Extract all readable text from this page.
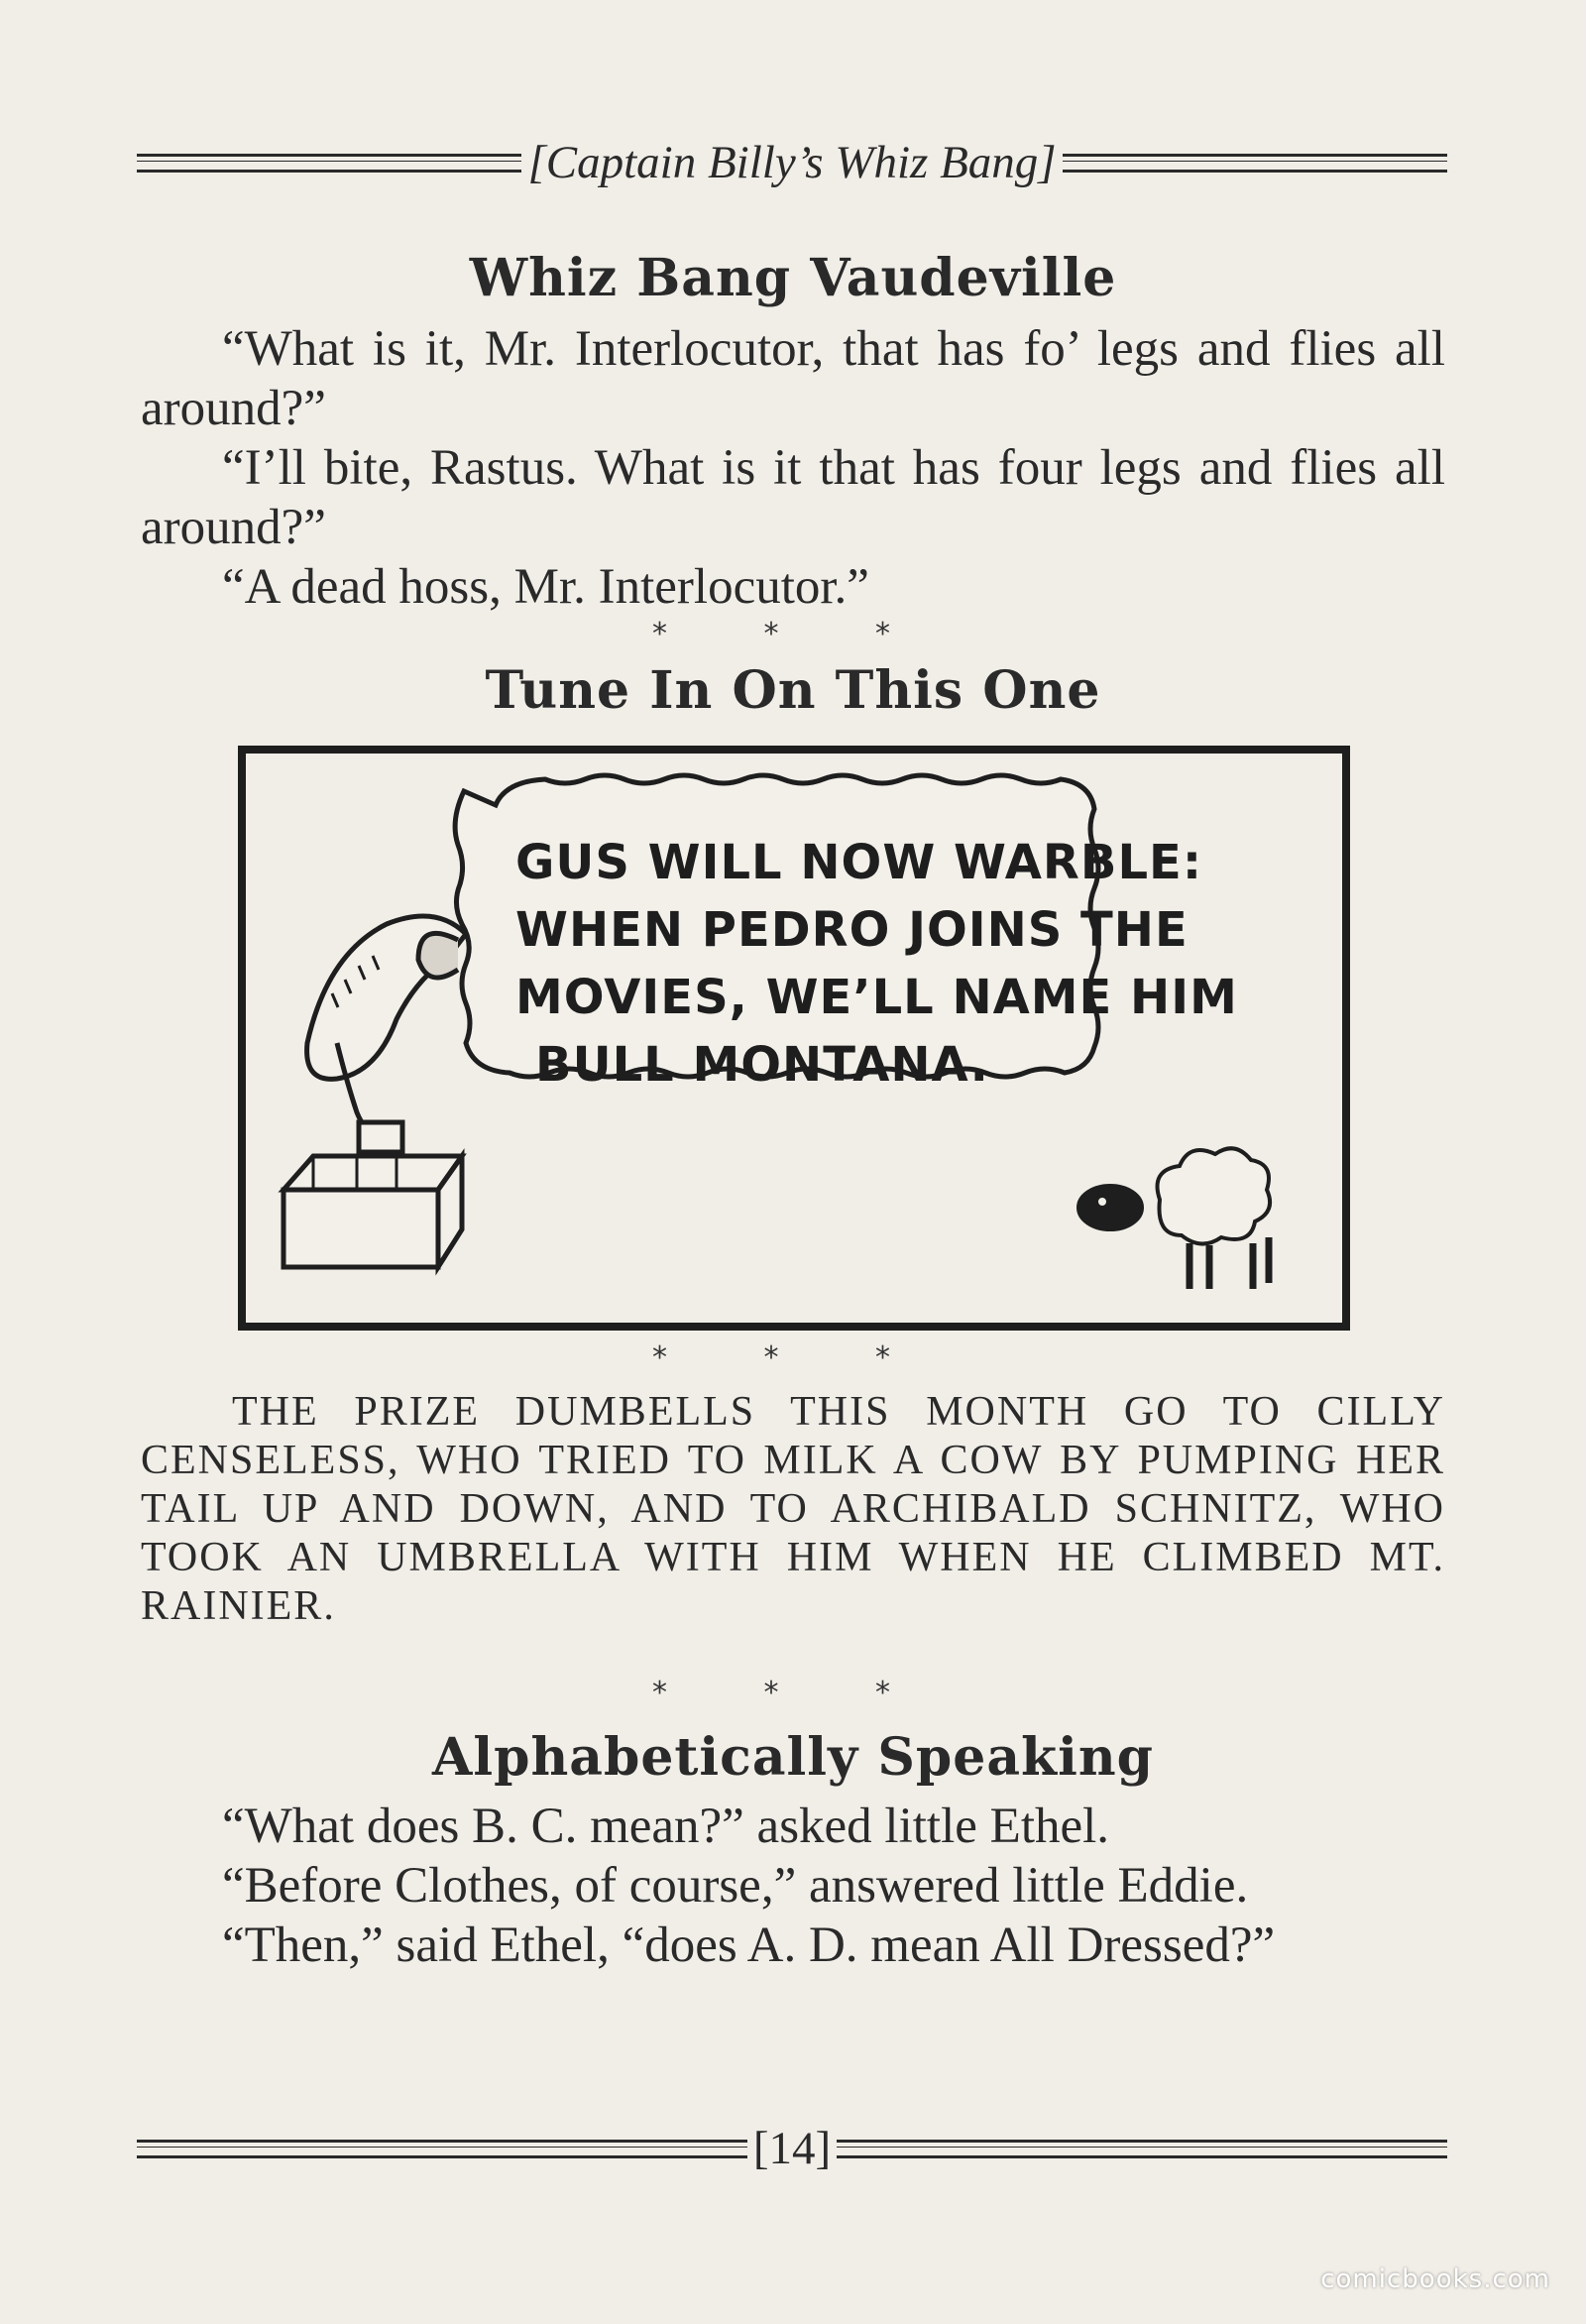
[Captain Billy’s Whiz Bang]
Whiz Bang Vaudeville

“What is it, Mr. Interlocutor, that has fo’ legs and flies all around?”

“I’ll bite, Rastus. What is it that has four legs and flies all around?”

“A dead hoss, Mr. Interlocutor.”

* * *
Tune In On This One
GUS WILL NOW WARBLE:
WHEN PEDRO JOINS THE
MOVIES, WE’LL NAME HIM
BULL MONTANA.
* * *
THE PRIZE DUMBELLS THIS MONTH GO TO CILLY CENSELESS, WHO TRIED TO MILK A COW BY PUMPING HER TAIL UP AND DOWN, AND TO ARCHIBALD SCHNITZ, WHO TOOK AN UMBRELLA WITH HIM WHEN HE CLIMBED MT. RAINIER.
* * *
Alphabetically Speaking

“What does B. C. mean?” asked little Ethel.

“Before Clothes, of course,” answered little Eddie.

“Then,” said Ethel, “does A. D. mean All Dressed?”

[14]
comicbooks.com
